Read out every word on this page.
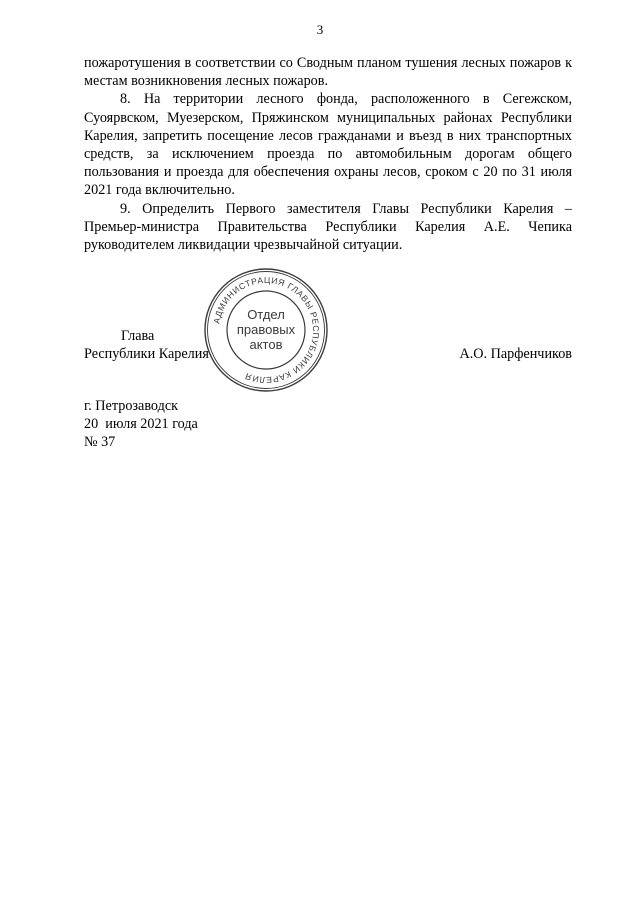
3

пожаротушения в соответствии со Сводным планом тушения лесных пожаров к местам возникновения лесных пожаров.

8. На территории лесного фонда, расположенного в Сегежском, Суоярвском, Муезерском, Пряжинском муниципальных районах Республики Карелия, запретить посещение лесов гражданами и въезд в них транспортных средств, за исключением проезда по автомобильным дорогам общего пользования и проезда для обеспечения охраны лесов, сроком с 20 по 31 июля 2021 года включительно.

9. Определить Первого заместителя Главы Республики Карелия – Премьер-министра Правительства Республики Карелия А.Е. Чепика руководителем ликвидации чрезвычайной ситуации.

Глава
Республики Карелия	А.О. Парфенчиков
АДМИНИСТРАЦИЯ ГЛАВЫ РЕСПУБЛИКИ КАРЕЛИЯ
Отдел
правовых
актов
г. Петрозаводск
20  июля 2021 года
№ 37
